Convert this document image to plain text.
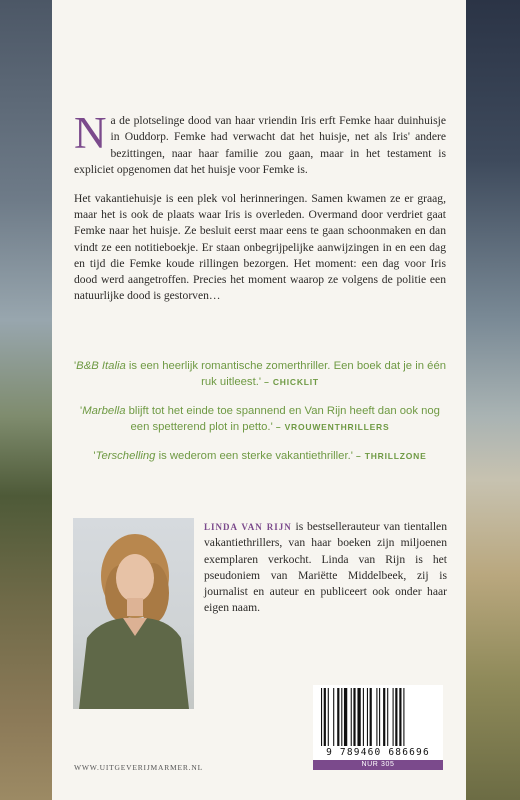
Na de plotselinge dood van haar vriendin Iris erft Femke haar duinhuisje in Ouddorp. Femke had verwacht dat het huisje, net als Iris' andere bezittingen, naar haar familie zou gaan, maar in het testament is expliciet opgenomen dat het huisje voor Femke is.

Het vakantiehuisje is een plek vol herinneringen. Samen kwamen ze er graag, maar het is ook de plaats waar Iris is overleden. Overmand door verdriet gaat Femke naar het huisje. Ze besluit eerst maar eens te gaan schoonmaken en dan vindt ze een notitieboekje. Er staan onbegrijpelijke aanwijzingen in en een dag en tijd die Femke koude rillingen bezorgen. Het moment: een dag voor Iris dood werd aangetroffen. Precies het moment waarop ze volgens de politie een natuurlijke dood is gestorven…

'B&B Italia is een heerlijk romantische zomerthriller. Een boek dat je in één ruk uitleest.' – CHICKLIT
'Marbella blijft tot het einde toe spannend en Van Rijn heeft dan ook nog een spetterend plot in petto.' – VROUWENTHRILLERS
'Terschelling is wederom een sterke vakantiethriller.' – THRILLZONE
LINDA VAN RIJN is bestsellerauteur van tientallen vakantiethrillers, van haar boeken zijn miljoenen exemplaren verkocht. Linda van Rijn is het pseudoniem van Mariëtte Middelbeek, zij is journalist en auteur en publiceert ook onder haar eigen naam.
WWW.UITGEVERIJMARMER.NL
9 789460 686696
NUR 305
